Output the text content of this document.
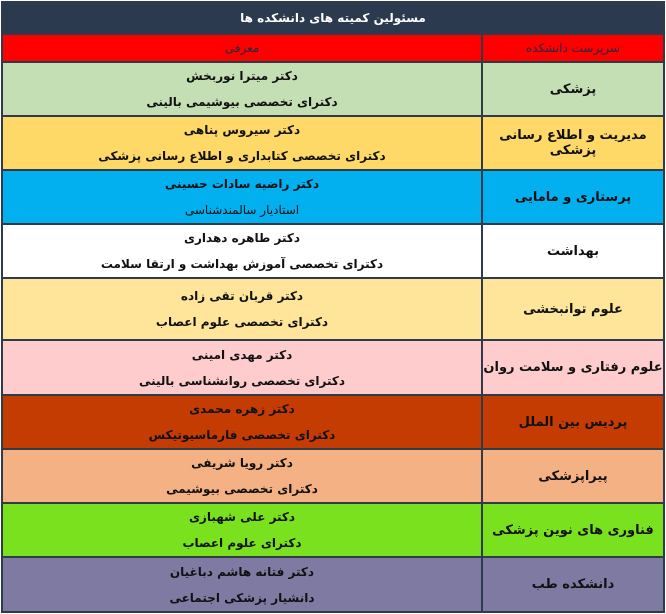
مسئولین کمیته های دانشکده ها	
سرپرست دانشکده	معرفی
پزشکی	دکتر میترا نوربخش
دکترای تخصصی بیوشیمی بالینی

مدیریت و اطلاع رسانی پزشکی	دکتر سیروس پناهی
دکترای تخصصی کتابداری و اطلاع رسانی پزشکی

پرستاری و مامایی	دکتر راضیه سادات حسینی
استادیار سالمندشناسی

بهداشت	دکتر طاهره دهداری
دکترای تخصصی آموزش بهداشت و ارتقا سلامت

علوم توانبخشی	دکتر قربان تقی زاده
دکترای تخصصی علوم اعصاب

علوم رفتاری و سلامت روان	دکتر مهدی امینی
دکترای تخصصی روانشناسی بالینی

پردیس بین الملل	دکتر زهره محمدی
دکترای تخصصی فارماسیوتیکس

پیراپزشکی	دکتر رویا شریفی
دکترای تخصصی بیوشیمی

فناوری های نوین پزشکی	دکتر علی شهبازی
دکترای علوم اعصاب

دانشکده طب	دکتر فتانه هاشم دباغیان
دانشیار پزشکی اجتماعی
